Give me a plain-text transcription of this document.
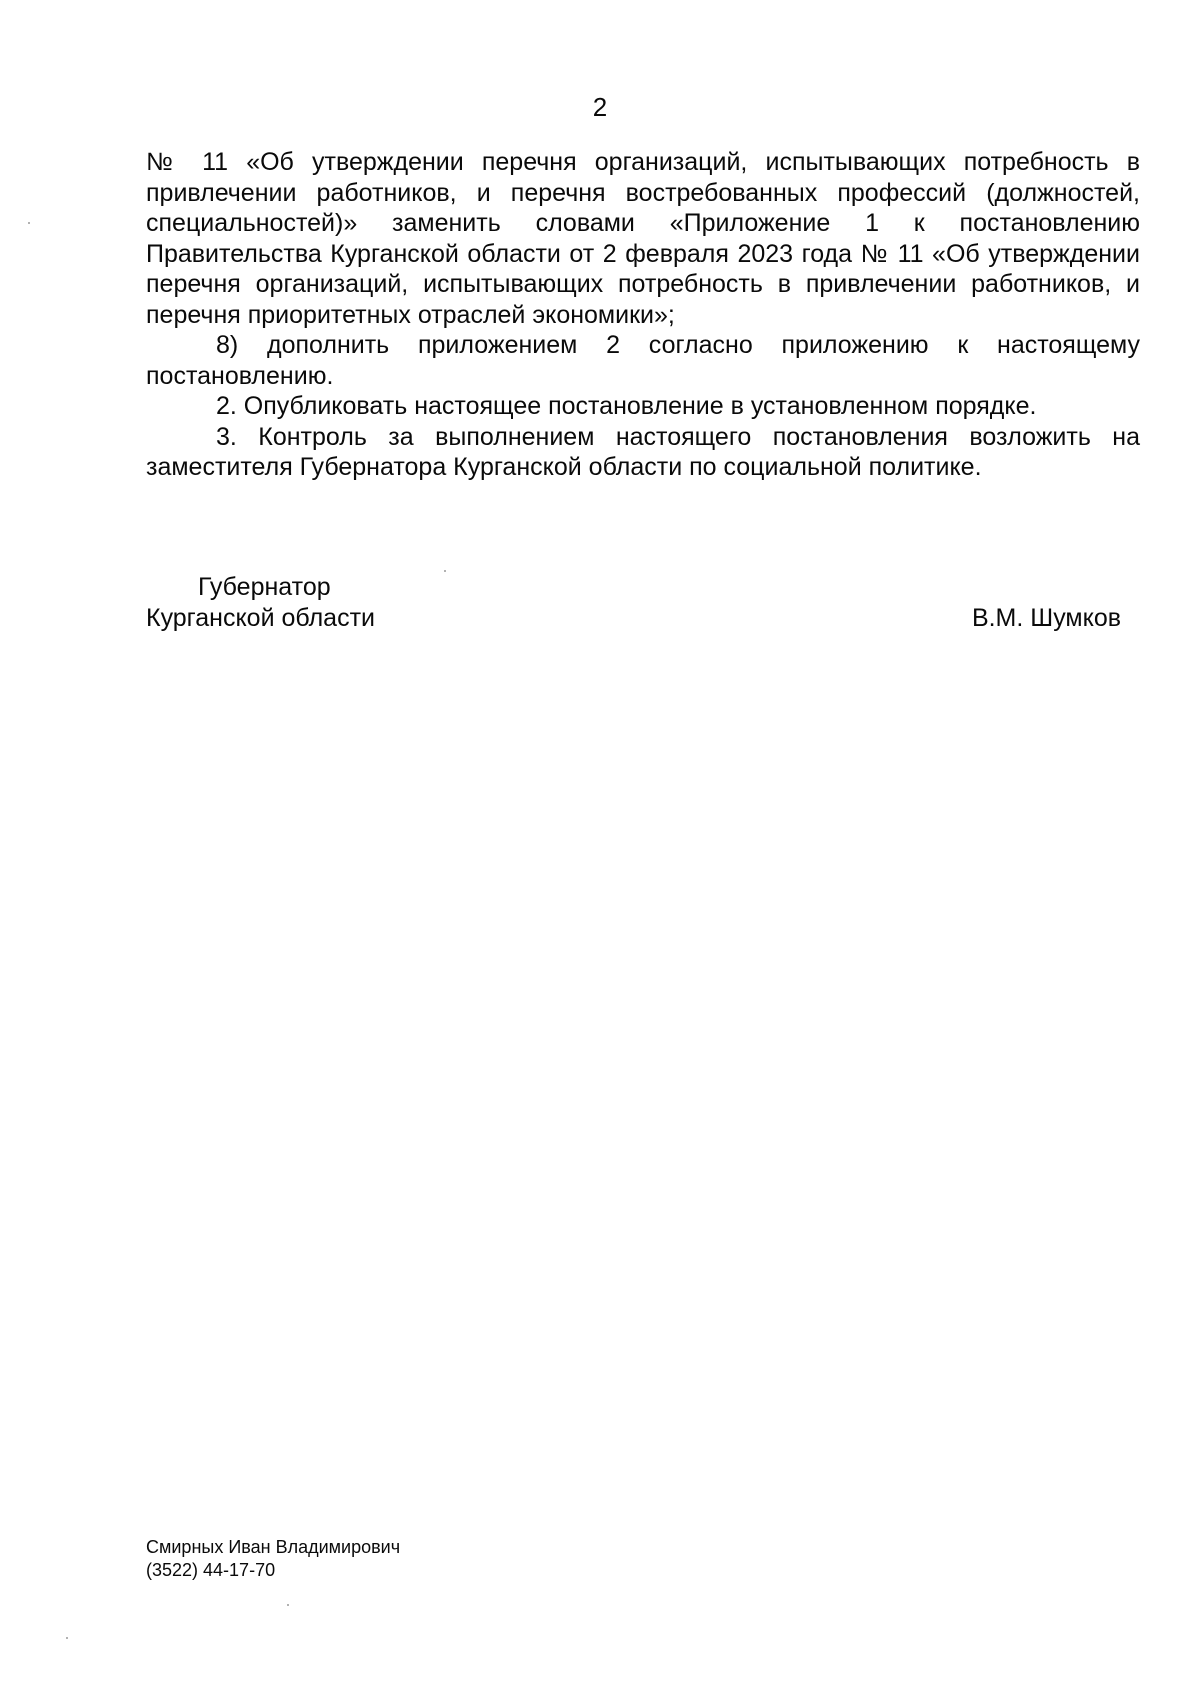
2

№ 11 «Об утверждении перечня организаций, испытывающих потребность в привлечении работников, и перечня востребованных профессий (должностей, специальностей)» заменить словами «Приложение 1 к постановлению Правительства Курганской области от 2 февраля 2023 года № 11 «Об утверждении перечня организаций, испытывающих потребность в привлечении работников, и перечня приоритетных отраслей экономики»;

8) дополнить приложением 2 согласно приложению к настоящему постановлению.

2. Опубликовать настоящее постановление в установленном порядке.

3. Контроль за выполнением настоящего постановления возложить на заместителя Губернатора Курганской области по социальной политике.

Губернатор
Курганской области	В.М. Шумков
Смирных Иван Владимирович
(3522) 44-17-70
